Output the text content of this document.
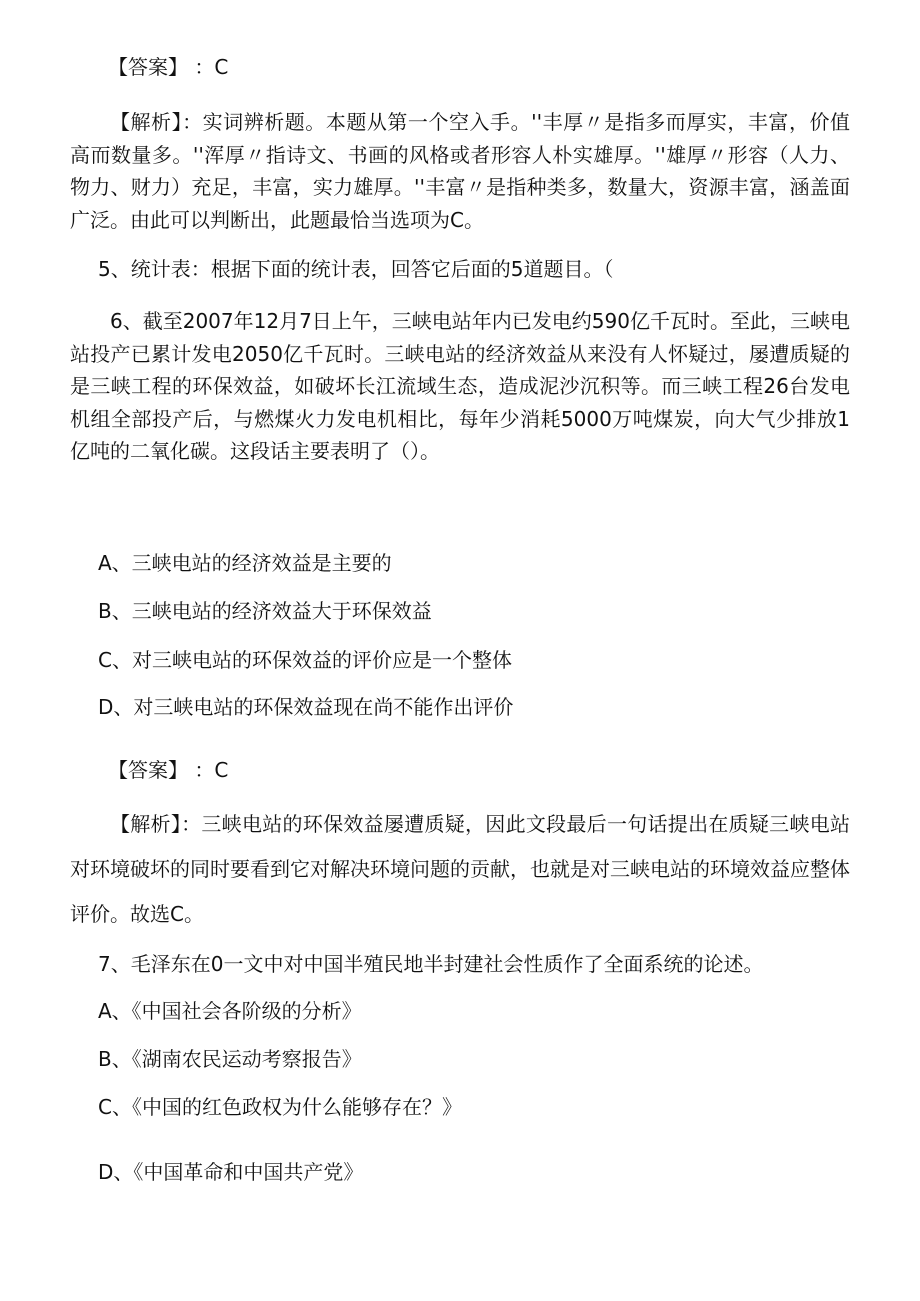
【答案】 ：C
【解析】：实词辨析题。本题从第一个空入手。''丰厚〃是指多而厚实，丰富，价值高而数量多。''浑厚〃指诗文、书画的风格或者形容人朴实雄厚。''雄厚〃形容（人力、物力、财力）充足，丰富，实力雄厚。''丰富〃是指种类多，数量大，资源丰富，涵盖面广泛。由此可以判断出，此题最恰当选项为C。
5、统计表：根据下面的统计表，回答它后面的5道题目。（
6、截至2007年12月7日上午，三峡电站年内已发电约590亿千瓦时。至此，三峡电站投产已累计发电2050亿千瓦时。三峡电站的经济效益从来没有人怀疑过，屡遭质疑的是三峡工程的环保效益，如破坏长江流域生态，造成泥沙沉积等。而三峡工程26台发电机组全部投产后，与燃煤火力发电机相比，每年少消耗5000万吨煤炭，向大气少排放1亿吨的二氧化碳。这段话主要表明了（）。
A、三峡电站的经济效益是主要的
B、三峡电站的经济效益大于环保效益
C、对三峡电站的环保效益的评价应是一个整体
D、对三峡电站的环保效益现在尚不能作出评价
【答案】 ：C
【解析】：三峡电站的环保效益屡遭质疑，因此文段最后一句话提出在质疑三峡电站对环境破坏的同时要看到它对解决环境问题的贡献，也就是对三峡电站的环境效益应整体评价。故选C。
7、毛泽东在0一文中对中国半殖民地半封建社会性质作了全面系统的论述。
A、《中国社会各阶级的分析》
B、《湖南农民运动考察报告》
C、《中国的红色政权为什么能够存在？》
D、《中国革命和中国共产党》
